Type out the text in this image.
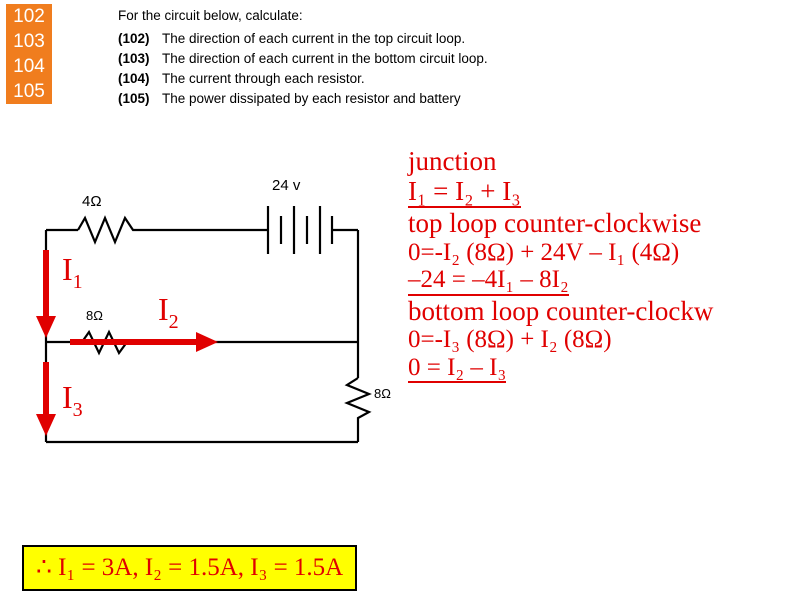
102
103
104
105
For the circuit below, calculate:
(102) The direction of each current in the top circuit loop.
(103) The direction of each current in the bottom circuit loop.
(104) The current through each resistor.
(105) The power dissipated by each resistor and battery
4Ω
24 v
8Ω
8Ω
$I_1$
$I_2$
$I_3$
junction
I₁ = I₂ + I₃
top loop counter-clockwise
0=-I₂ (8Ω) + 24V – I₁ (4Ω)
–24 = –4I₁ – 8I₂
bottom loop counter-clockw
0=-I₃ (8Ω) + I₂ (8Ω)
0 = I₂ – I₃
∴ I₁ = 3A, I₂ = 1.5A, I₃ = 1.5A
